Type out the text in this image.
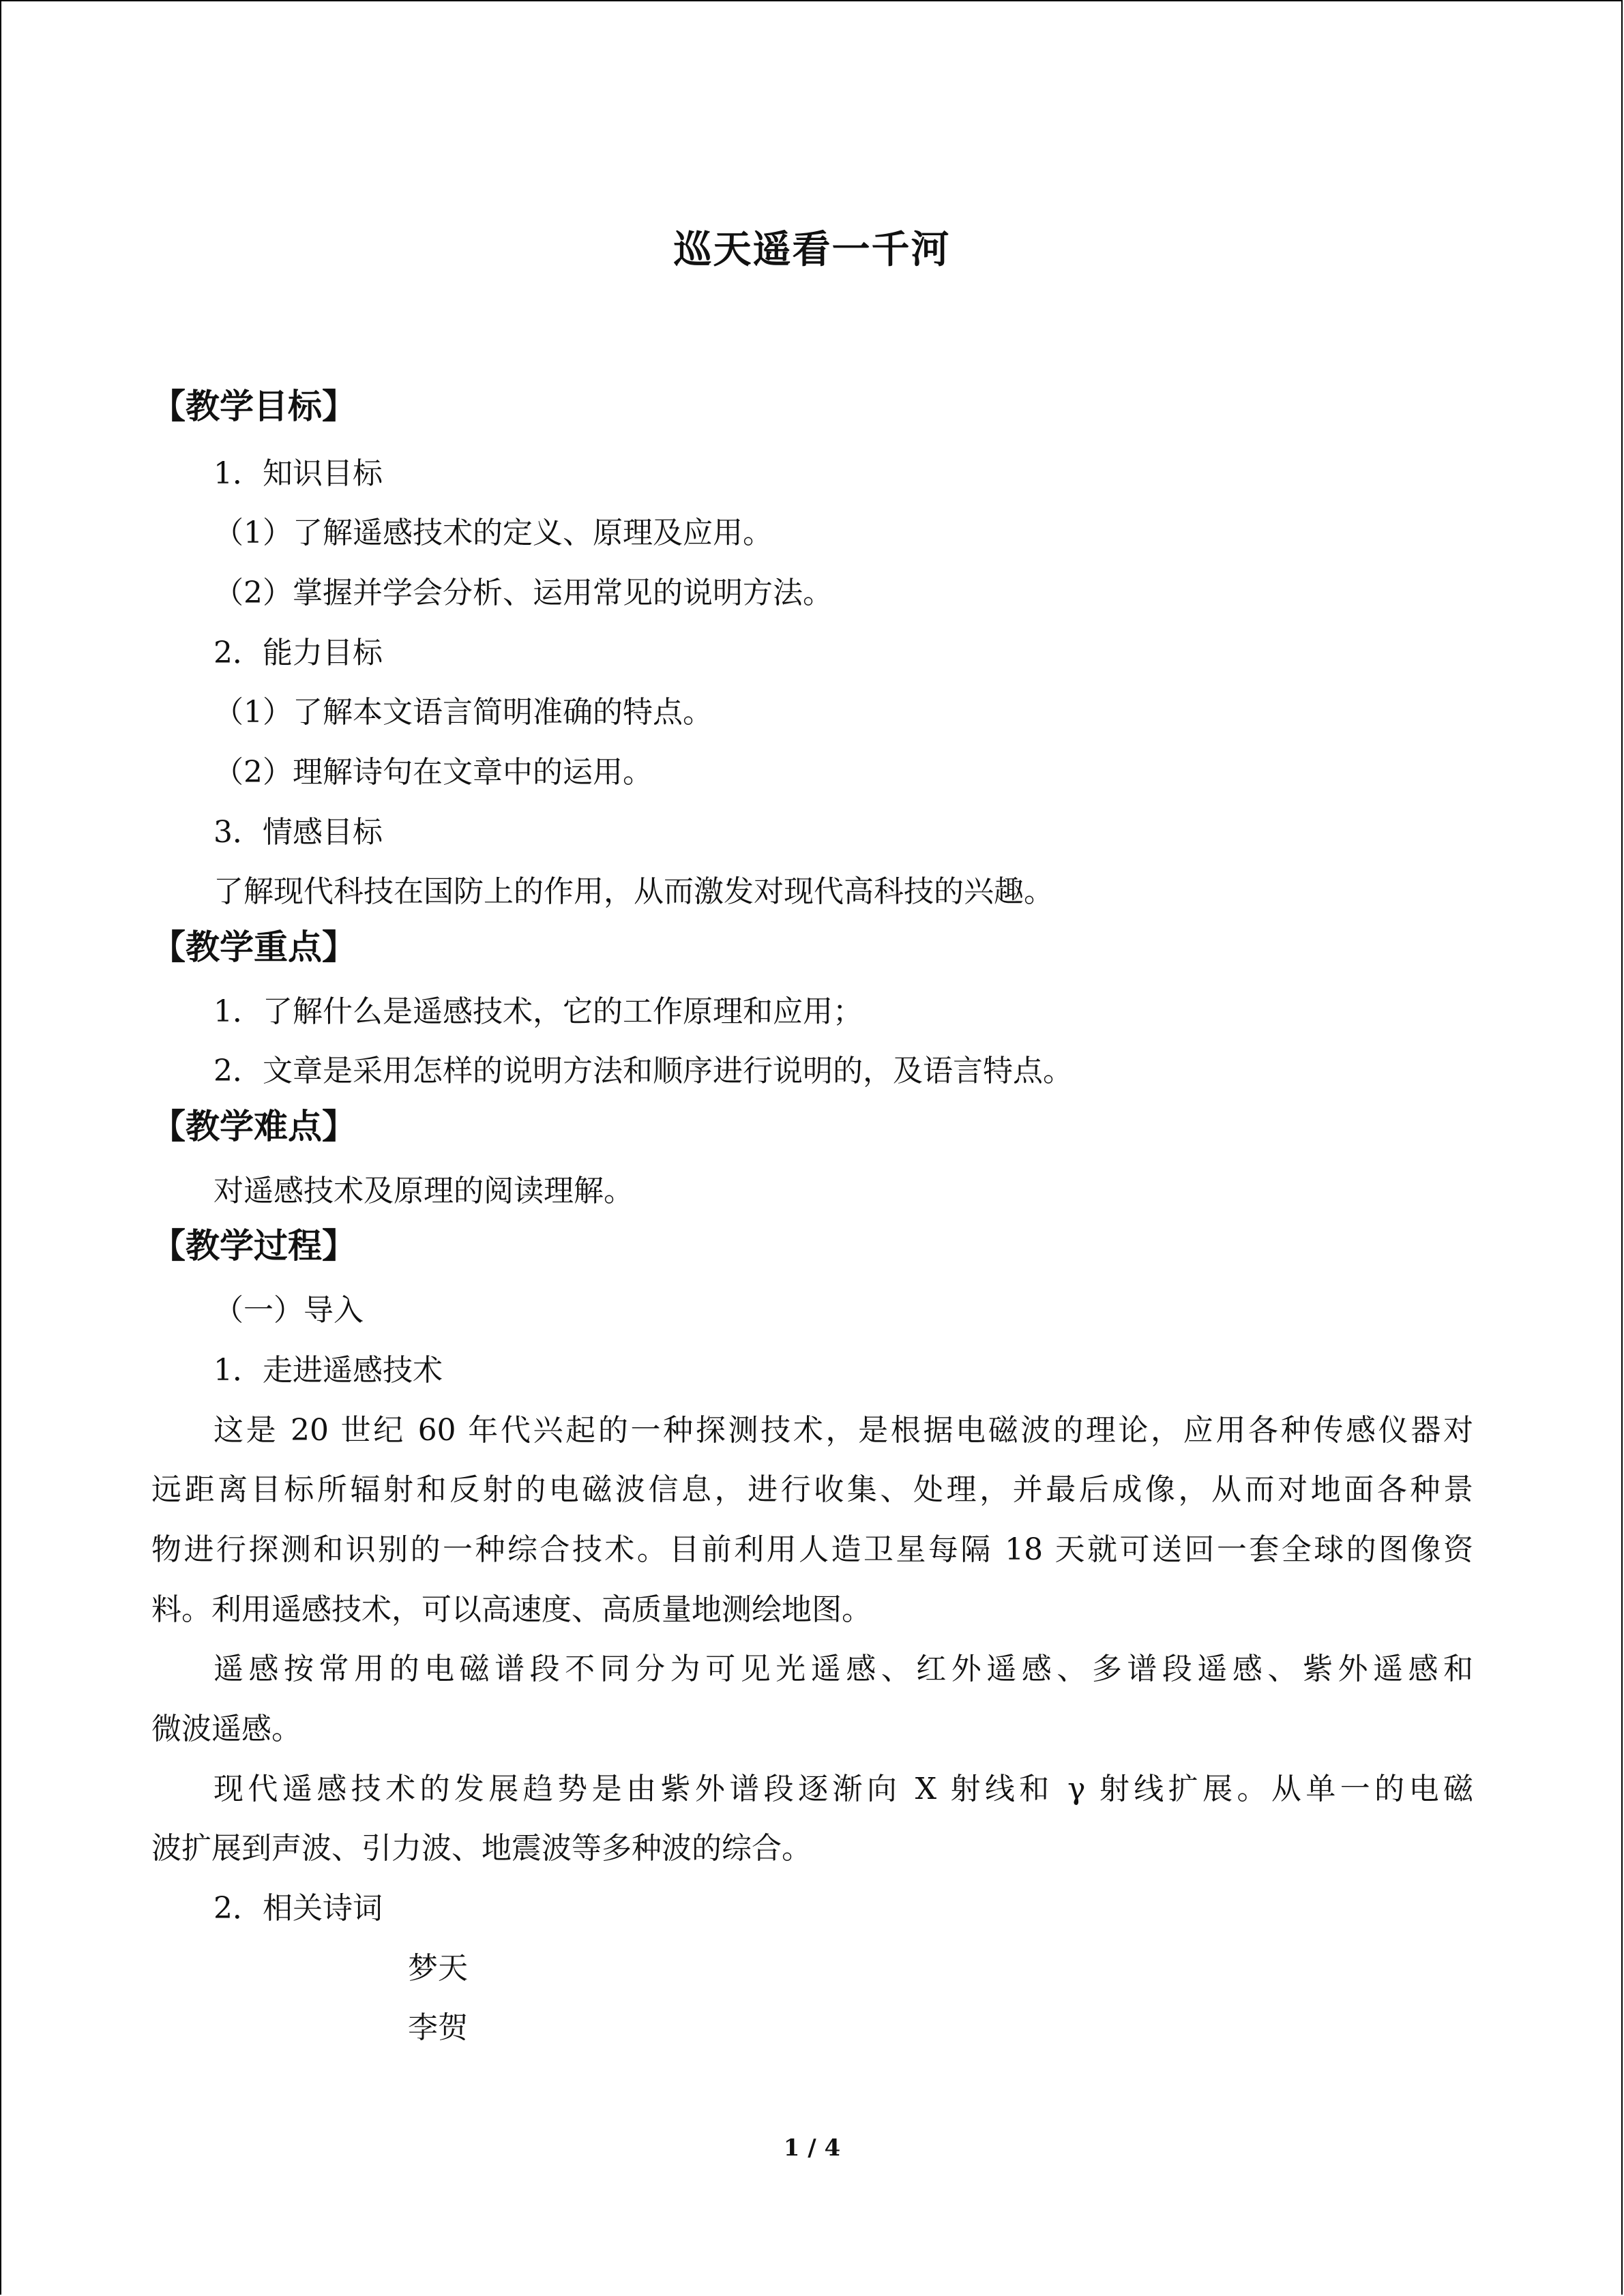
巡天遥看一千河
【教学目标】
1．知识目标
（1）了解遥感技术的定义、原理及应用。
（2）掌握并学会分析、运用常见的说明方法。
2．能力目标
（1）了解本文语言简明准确的特点。
（2）理解诗句在文章中的运用。
3．情感目标
了解现代科技在国防上的作用，从而激发对现代高科技的兴趣。
【教学重点】
1．了解什么是遥感技术，它的工作原理和应用；
2．文章是采用怎样的说明方法和顺序进行说明的，及语言特点。
【教学难点】
对遥感技术及原理的阅读理解。
【教学过程】
（一）导入
1．走进遥感技术
这是 20 世纪 60 年代兴起的一种探测技术，是根据电磁波的理论，应用各种传感仪器对
远距离目标所辐射和反射的电磁波信息，进行收集、处理，并最后成像，从而对地面各种景
物进行探测和识别的一种综合技术。目前利用人造卫星每隔 18 天就可送回一套全球的图像资
料。利用遥感技术，可以高速度、高质量地测绘地图。
遥感按常用的电磁谱段不同分为可见光遥感、红外遥感、多谱段遥感、紫外遥感和
微波遥感。
现代遥感技术的发展趋势是由紫外谱段逐渐向 X 射线和 γ 射线扩展。从单一的电磁
波扩展到声波、引力波、地震波等多种波的综合。
2．相关诗词
梦天
李贺
1 / 4
